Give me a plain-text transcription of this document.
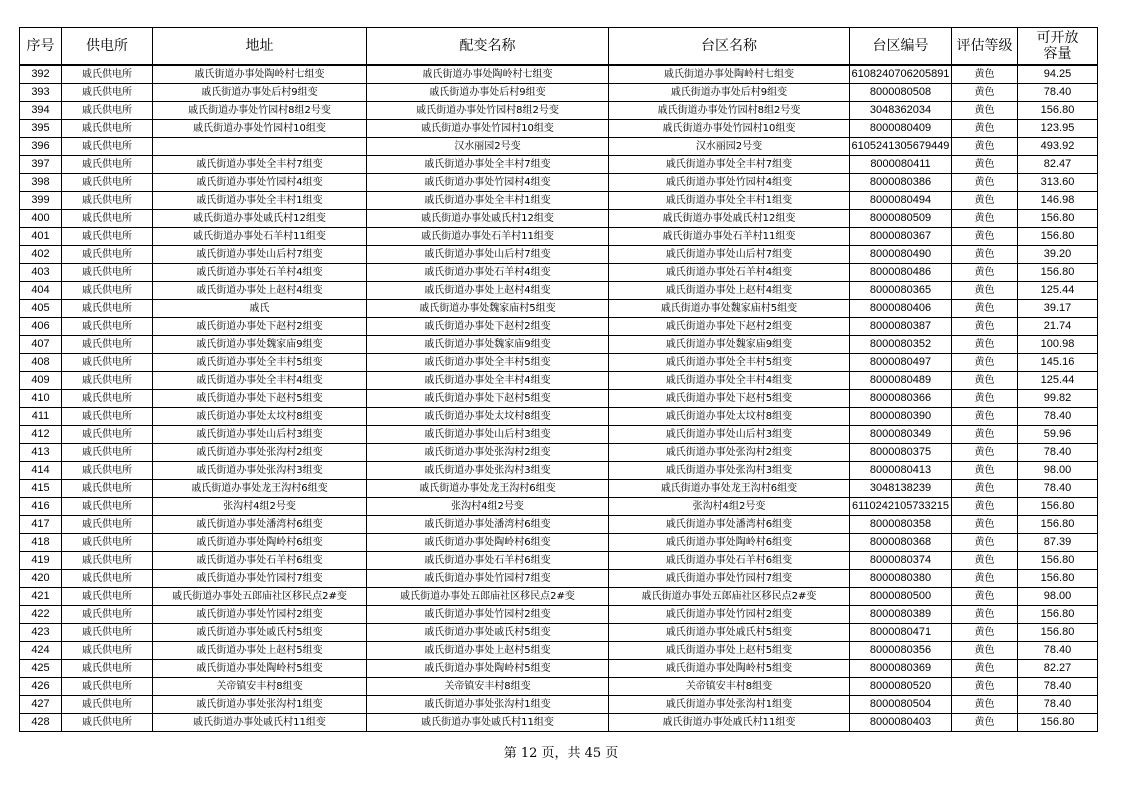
序号	供电所	地址	配变名称	台区名称	台区编号	评估等级	可开放容量
392	戚氏供电所	戚氏街道办事处陶岭村七组变	戚氏街道办事处陶岭村七组变	戚氏街道办事处陶岭村七组变	6108240706205891	黄色	94.25
393	戚氏供电所	戚氏街道办事处后村9组变	戚氏街道办事处后村9组变	戚氏街道办事处后村9组变	8000080508	黄色	78.40
394	戚氏供电所	戚氏街道办事处竹园村8组2号变	戚氏街道办事处竹园村8组2号变	戚氏街道办事处竹园村8组2号变	3048362034	黄色	156.80
395	戚氏供电所	戚氏街道办事处竹园村10组变	戚氏街道办事处竹园村10组变	戚氏街道办事处竹园村10组变	8000080409	黄色	123.95
396	戚氏供电所		汉水丽园2号变	汉水丽园2号变	6105241305679449	黄色	493.92
397	戚氏供电所	戚氏街道办事处全丰村7组变	戚氏街道办事处全丰村7组变	戚氏街道办事处全丰村7组变	8000080411	黄色	82.47
398	戚氏供电所	戚氏街道办事处竹园村4组变	戚氏街道办事处竹园村4组变	戚氏街道办事处竹园村4组变	8000080386	黄色	313.60
399	戚氏供电所	戚氏街道办事处全丰村1组变	戚氏街道办事处全丰村1组变	戚氏街道办事处全丰村1组变	8000080494	黄色	146.98
400	戚氏供电所	戚氏街道办事处戚氏村12组变	戚氏街道办事处戚氏村12组变	戚氏街道办事处戚氏村12组变	8000080509	黄色	156.80
401	戚氏供电所	戚氏街道办事处石羊村11组变	戚氏街道办事处石羊村11组变	戚氏街道办事处石羊村11组变	8000080367	黄色	156.80
402	戚氏供电所	戚氏街道办事处山后村7组变	戚氏街道办事处山后村7组变	戚氏街道办事处山后村7组变	8000080490	黄色	39.20
403	戚氏供电所	戚氏街道办事处石羊村4组变	戚氏街道办事处石羊村4组变	戚氏街道办事处石羊村4组变	8000080486	黄色	156.80
404	戚氏供电所	戚氏街道办事处上赵村4组变	戚氏街道办事处上赵村4组变	戚氏街道办事处上赵村4组变	8000080365	黄色	125.44
405	戚氏供电所	戚氏	戚氏街道办事处魏家庙村5组变	戚氏街道办事处魏家庙村5组变	8000080406	黄色	39.17
406	戚氏供电所	戚氏街道办事处下赵村2组变	戚氏街道办事处下赵村2组变	戚氏街道办事处下赵村2组变	8000080387	黄色	21.74
407	戚氏供电所	戚氏街道办事处魏家庙9组变	戚氏街道办事处魏家庙9组变	戚氏街道办事处魏家庙9组变	8000080352	黄色	100.98
408	戚氏供电所	戚氏街道办事处全丰村5组变	戚氏街道办事处全丰村5组变	戚氏街道办事处全丰村5组变	8000080497	黄色	145.16
409	戚氏供电所	戚氏街道办事处全丰村4组变	戚氏街道办事处全丰村4组变	戚氏街道办事处全丰村4组变	8000080489	黄色	125.44
410	戚氏供电所	戚氏街道办事处下赵村5组变	戚氏街道办事处下赵村5组变	戚氏街道办事处下赵村5组变	8000080366	黄色	99.82
411	戚氏供电所	戚氏街道办事处太坟村8组变	戚氏街道办事处太坟村8组变	戚氏街道办事处太坟村8组变	8000080390	黄色	78.40
412	戚氏供电所	戚氏街道办事处山后村3组变	戚氏街道办事处山后村3组变	戚氏街道办事处山后村3组变	8000080349	黄色	59.96
413	戚氏供电所	戚氏街道办事处张沟村2组变	戚氏街道办事处张沟村2组变	戚氏街道办事处张沟村2组变	8000080375	黄色	78.40
414	戚氏供电所	戚氏街道办事处张沟村3组变	戚氏街道办事处张沟村3组变	戚氏街道办事处张沟村3组变	8000080413	黄色	98.00
415	戚氏供电所	戚氏街道办事处龙王沟村6组变	戚氏街道办事处龙王沟村6组变	戚氏街道办事处龙王沟村6组变	3048138239	黄色	78.40
416	戚氏供电所	张沟村4组2号变	张沟村4组2号变	张沟村4组2号变	6110242105733215	黄色	156.80
417	戚氏供电所	戚氏街道办事处潘湾村6组变	戚氏街道办事处潘湾村6组变	戚氏街道办事处潘湾村6组变	8000080358	黄色	156.80
418	戚氏供电所	戚氏街道办事处陶岭村6组变	戚氏街道办事处陶岭村6组变	戚氏街道办事处陶岭村6组变	8000080368	黄色	87.39
419	戚氏供电所	戚氏街道办事处石羊村6组变	戚氏街道办事处石羊村6组变	戚氏街道办事处石羊村6组变	8000080374	黄色	156.80
420	戚氏供电所	戚氏街道办事处竹园村7组变	戚氏街道办事处竹园村7组变	戚氏街道办事处竹园村7组变	8000080380	黄色	156.80
421	戚氏供电所	戚氏街道办事处五郎庙社区移民点2#变	戚氏街道办事处五郎庙社区移民点2#变	戚氏街道办事处五郎庙社区移民点2#变	8000080500	黄色	98.00
422	戚氏供电所	戚氏街道办事处竹园村2组变	戚氏街道办事处竹园村2组变	戚氏街道办事处竹园村2组变	8000080389	黄色	156.80
423	戚氏供电所	戚氏街道办事处戚氏村5组变	戚氏街道办事处戚氏村5组变	戚氏街道办事处戚氏村5组变	8000080471	黄色	156.80
424	戚氏供电所	戚氏街道办事处上赵村5组变	戚氏街道办事处上赵村5组变	戚氏街道办事处上赵村5组变	8000080356	黄色	78.40
425	戚氏供电所	戚氏街道办事处陶岭村5组变	戚氏街道办事处陶岭村5组变	戚氏街道办事处陶岭村5组变	8000080369	黄色	82.27
426	戚氏供电所	关帝镇安丰村8组变	关帝镇安丰村8组变	关帝镇安丰村8组变	8000080520	黄色	78.40
427	戚氏供电所	戚氏街道办事处张沟村1组变	戚氏街道办事处张沟村1组变	戚氏街道办事处张沟村1组变	8000080504	黄色	78.40
428	戚氏供电所	戚氏街道办事处戚氏村11组变	戚氏街道办事处戚氏村11组变	戚氏街道办事处戚氏村11组变	8000080403	黄色	156.80
第 12 页，共 45 页
